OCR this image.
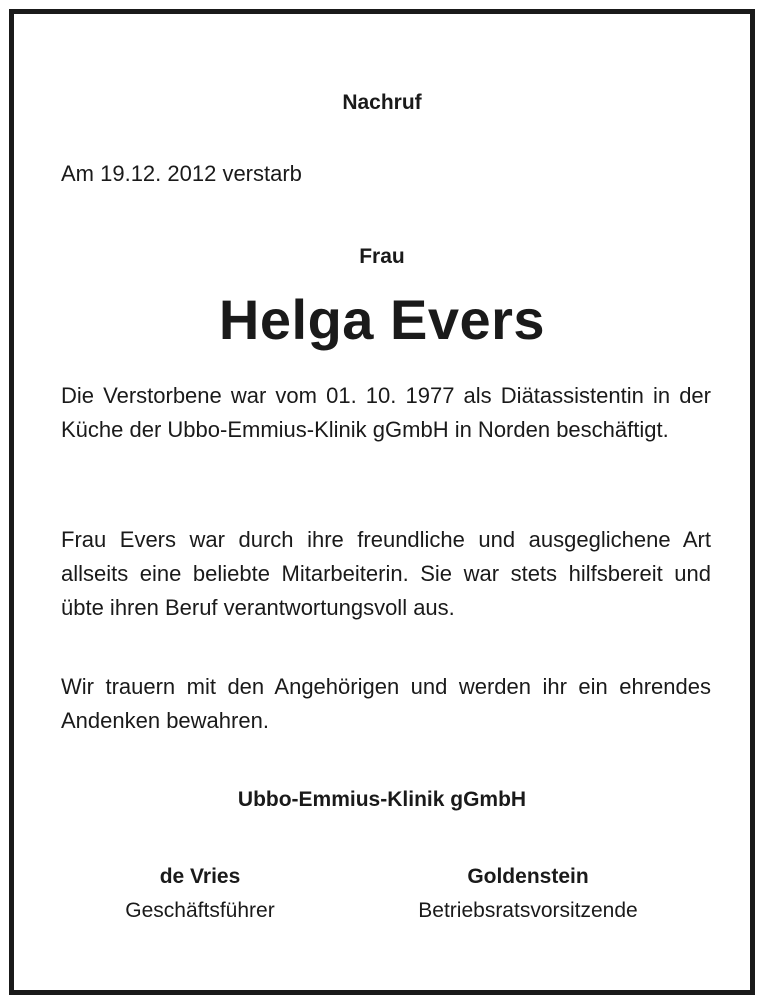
Nachruf
Am 19.12. 2012 verstarb
Frau
Helga Evers
Die Verstorbene war vom 01. 10. 1977 als Diätassistentin in der Küche der Ubbo-Emmius-Klinik gGmbH in Norden beschäftigt.
Frau Evers war durch ihre freundliche und ausgeglichene Art allseits eine beliebte Mitarbeiterin. Sie war stets hilfsbereit und übte ihren Beruf verantwortungsvoll aus.
Wir trauern mit den Angehörigen und werden ihr ein ehrendes Andenken bewahren.
Ubbo-Emmius-Klinik gGmbH
de Vries
Geschäftsführer
Goldenstein
Betriebsratsvorsitzende
